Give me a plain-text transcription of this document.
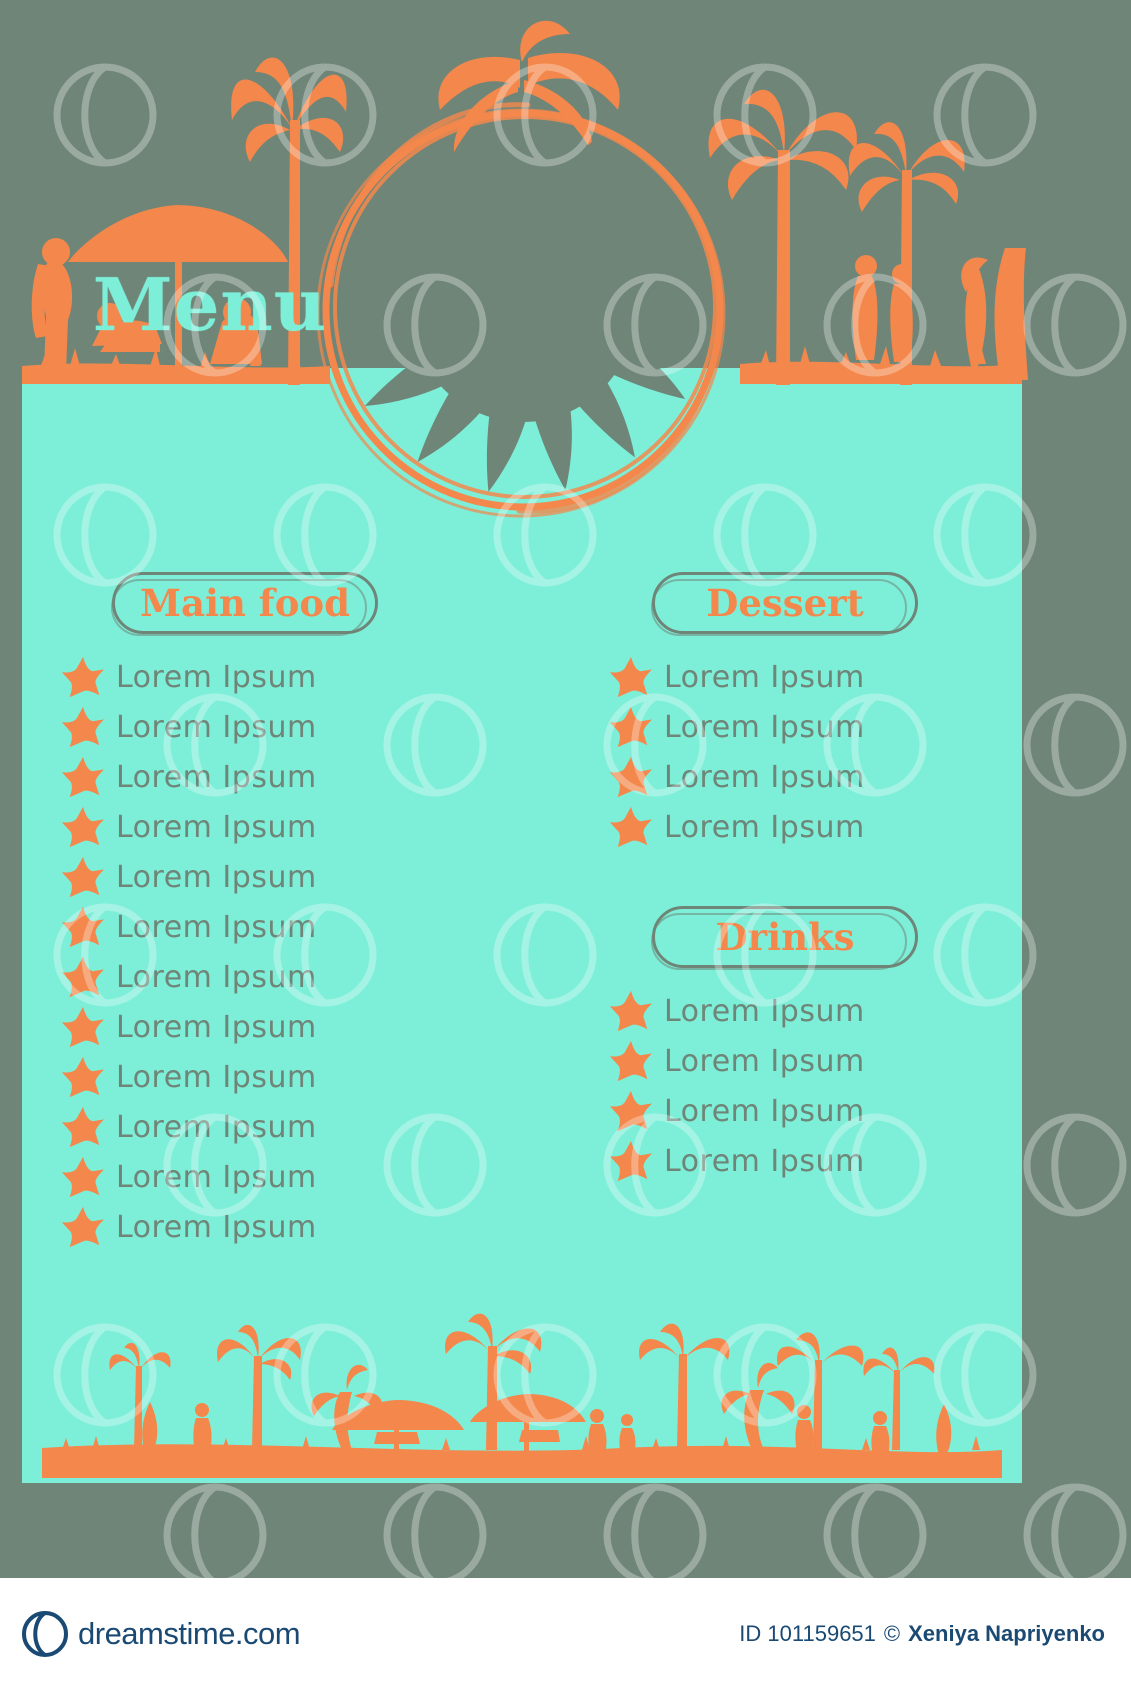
Menu
Main food
Lorem Ipsum
Lorem Ipsum
Lorem Ipsum
Lorem Ipsum
Lorem Ipsum
Lorem Ipsum
Lorem Ipsum
Lorem Ipsum
Lorem Ipsum
Lorem Ipsum
Lorem Ipsum
Lorem Ipsum
Dessert
Lorem Ipsum
Lorem Ipsum
Lorem Ipsum
Lorem Ipsum
Drinks
Lorem Ipsum
Lorem Ipsum
Lorem Ipsum
Lorem Ipsum
dreamstime.com	ID 101159651 © Xeniya Napriyenko
